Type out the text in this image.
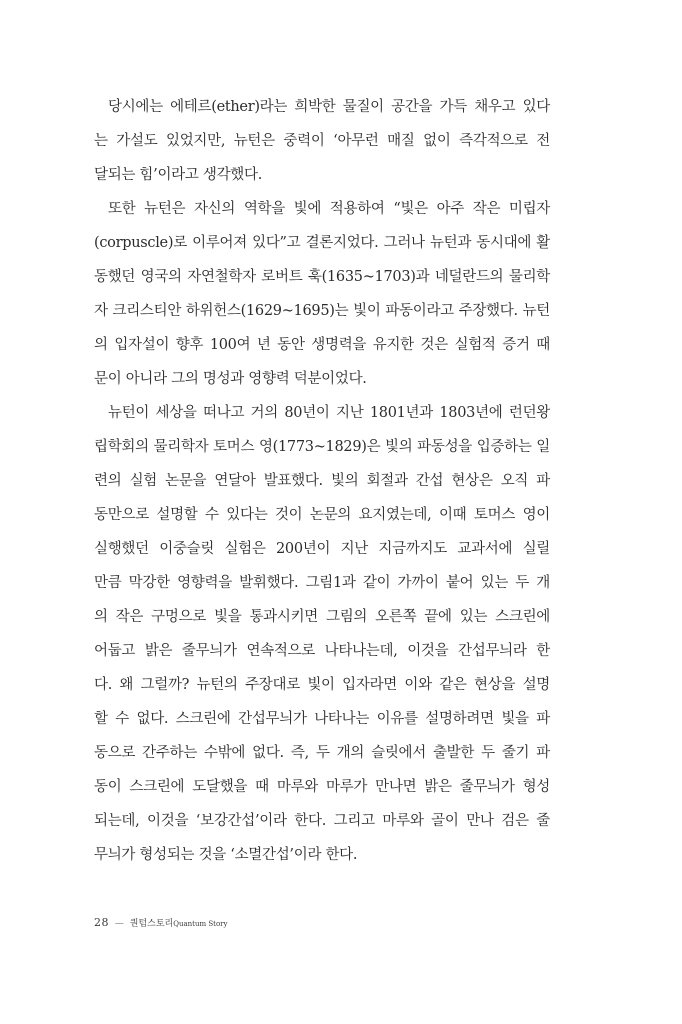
당시에는 에테르(ether)라는 희박한 물질이 공간을 가득 채우고 있다
는 가설도 있었지만, 뉴턴은 중력이 ‘아무런 매질 없이 즉각적으로 전
달되는 힘’이라고 생각했다.
또한 뉴턴은 자신의 역학을 빛에 적용하여 “빛은 아주 작은 미립자
(corpuscle)로 이루어져 있다”고 결론지었다. 그러나 뉴턴과 동시대에 활
동했던 영국의 자연철학자 로버트 훅(1635~1703)과 네덜란드의 물리학
자 크리스티안 하위헌스(1629~1695)는 빛이 파동이라고 주장했다. 뉴턴
의 입자설이 향후 100여 년 동안 생명력을 유지한 것은 실험적 증거 때
문이 아니라 그의 명성과 영향력 덕분이었다.
뉴턴이 세상을 떠나고 거의 80년이 지난 1801년과 1803년에 런던왕
립학회의 물리학자 토머스 영(1773~1829)은 빛의 파동성을 입증하는 일
련의 실험 논문을 연달아 발표했다. 빛의 회절과 간섭 현상은 오직 파
동만으로 설명할 수 있다는 것이 논문의 요지였는데, 이때 토머스 영이
실행했던 이중슬릿 실험은 200년이 지난 지금까지도 교과서에 실릴
만큼 막강한 영향력을 발휘했다. 그림1과 같이 가까이 붙어 있는 두 개
의 작은 구멍으로 빛을 통과시키면 그림의 오른쪽 끝에 있는 스크린에
어둡고 밝은 줄무늬가 연속적으로 나타나는데, 이것을 간섭무늬라 한
다. 왜 그럴까? 뉴턴의 주장대로 빛이 입자라면 이와 같은 현상을 설명
할 수 없다. 스크린에 간섭무늬가 나타나는 이유를 설명하려면 빛을 파
동으로 간주하는 수밖에 없다. 즉, 두 개의 슬릿에서 출발한 두 줄기 파
동이 스크린에 도달했을 때 마루와 마루가 만나면 밝은 줄무늬가 형성
되는데, 이것을 ‘보강간섭’이라 한다. 그리고 마루와 골이 만나 검은 줄
무늬가 형성되는 것을 ‘소멸간섭’이라 한다.
28 — 퀀텀스토리Quantum Story
